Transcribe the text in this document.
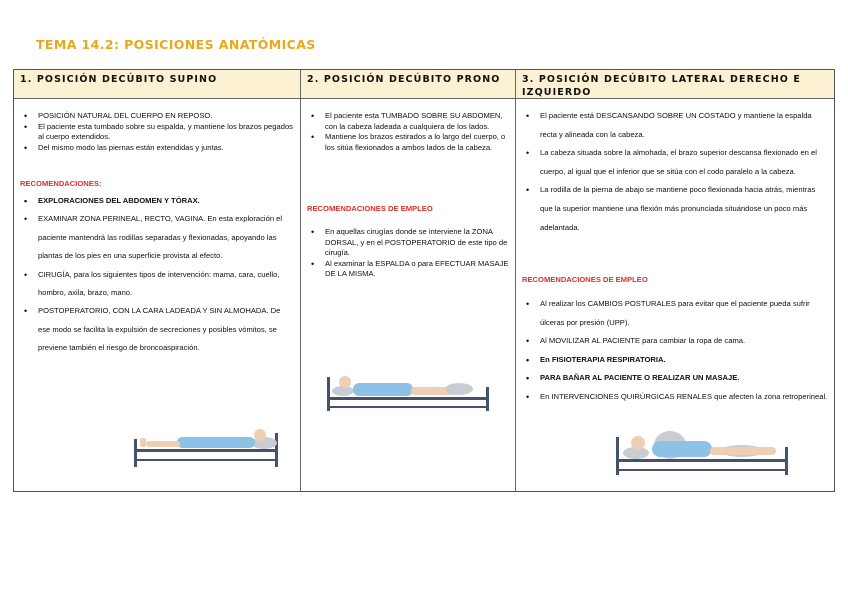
TEMA 14.2: POSICIONES ANATÓMICAS
1. POSICIÓN DECÚBITO SUPINO
• POSICIÓN NATURAL DEL CUERPO EN REPOSO.
• El paciente esta tumbado sobre su espalda, y mantiene los brazos pegados al cuerpo extendidos.
• Del mismo modo las piernas están extendidas y juntas.
RECOMENDACIONES:
• EXPLORACIONES DEL ABDOMEN Y TÓRAX.
• EXAMINAR ZONA PERINEAL, RECTO, VAGINA. En esta exploración el paciente mantendrá las rodillas separadas y flexionadas, apoyando las plantas de los pies en una superficie provista al efecto.
• CIRUGÍA, para los siguientes tipos de intervención: mama, cara, cuello, hombro, axila, brazo, mano.
• POSTOPERATORIO, CON LA CARA LADEADA Y SIN ALMOHADA. De ese modo se facilita la expulsión de secreciones y posibles vómitos, se previene también el riesgo de broncoaspiración.
2. POSICIÓN DECÚBITO PRONO
• El paciente esta TUMBADO SOBRE SU ABDOMEN, con la cabeza ladeada a cualquiera de los lados.
• Mantiene los brazos estirados a lo largo del cuerpo, o los sitúa flexionados a ambos lados de la cabeza.
RECOMENDACIONES DE EMPLEO
• En aquellas cirugías donde se interviene la ZONA DORSAL, y en el POSTOPERATORIO de este tipo de cirugía.
• Al examinar la ESPALDA o para EFECTUAR MASAJE DE LA MISMA.
3. POSICIÓN DECÚBITO LATERAL DERECHO E IZQUIERDO
• El paciente está DESCANSANDO SOBRE UN COSTADO y mantiene la espalda recta y alineada con la cabeza.
• La cabeza situada sobre la almohada, el brazo superior descansa flexionado en el cuerpo, al igual que el inferior que se sitúa con el codo paralelo a la cabeza.
• La rodilla de la pierna de abajo se mantiene poco flexionada hacia atrás, mientras que la superior mantiene una flexión más pronunciada situándose un poco más adelantada.
RECOMENDACIONES DE EMPLEO
• Al realizar los CAMBIOS POSTURALES para evitar que el paciente pueda sufrir úlceras por presión (UPP).
• Al MOVILIZAR AL PACIENTE para cambiar la ropa de cama.
• En FISIOTERAPIA RESPIRATORIA.
• PARA BAÑAR AL PACIENTE O REALIZAR UN MASAJE.
• En INTERVENCIONES QUIRÚRGICAS RENALES que afecten la zona retroperineal.
